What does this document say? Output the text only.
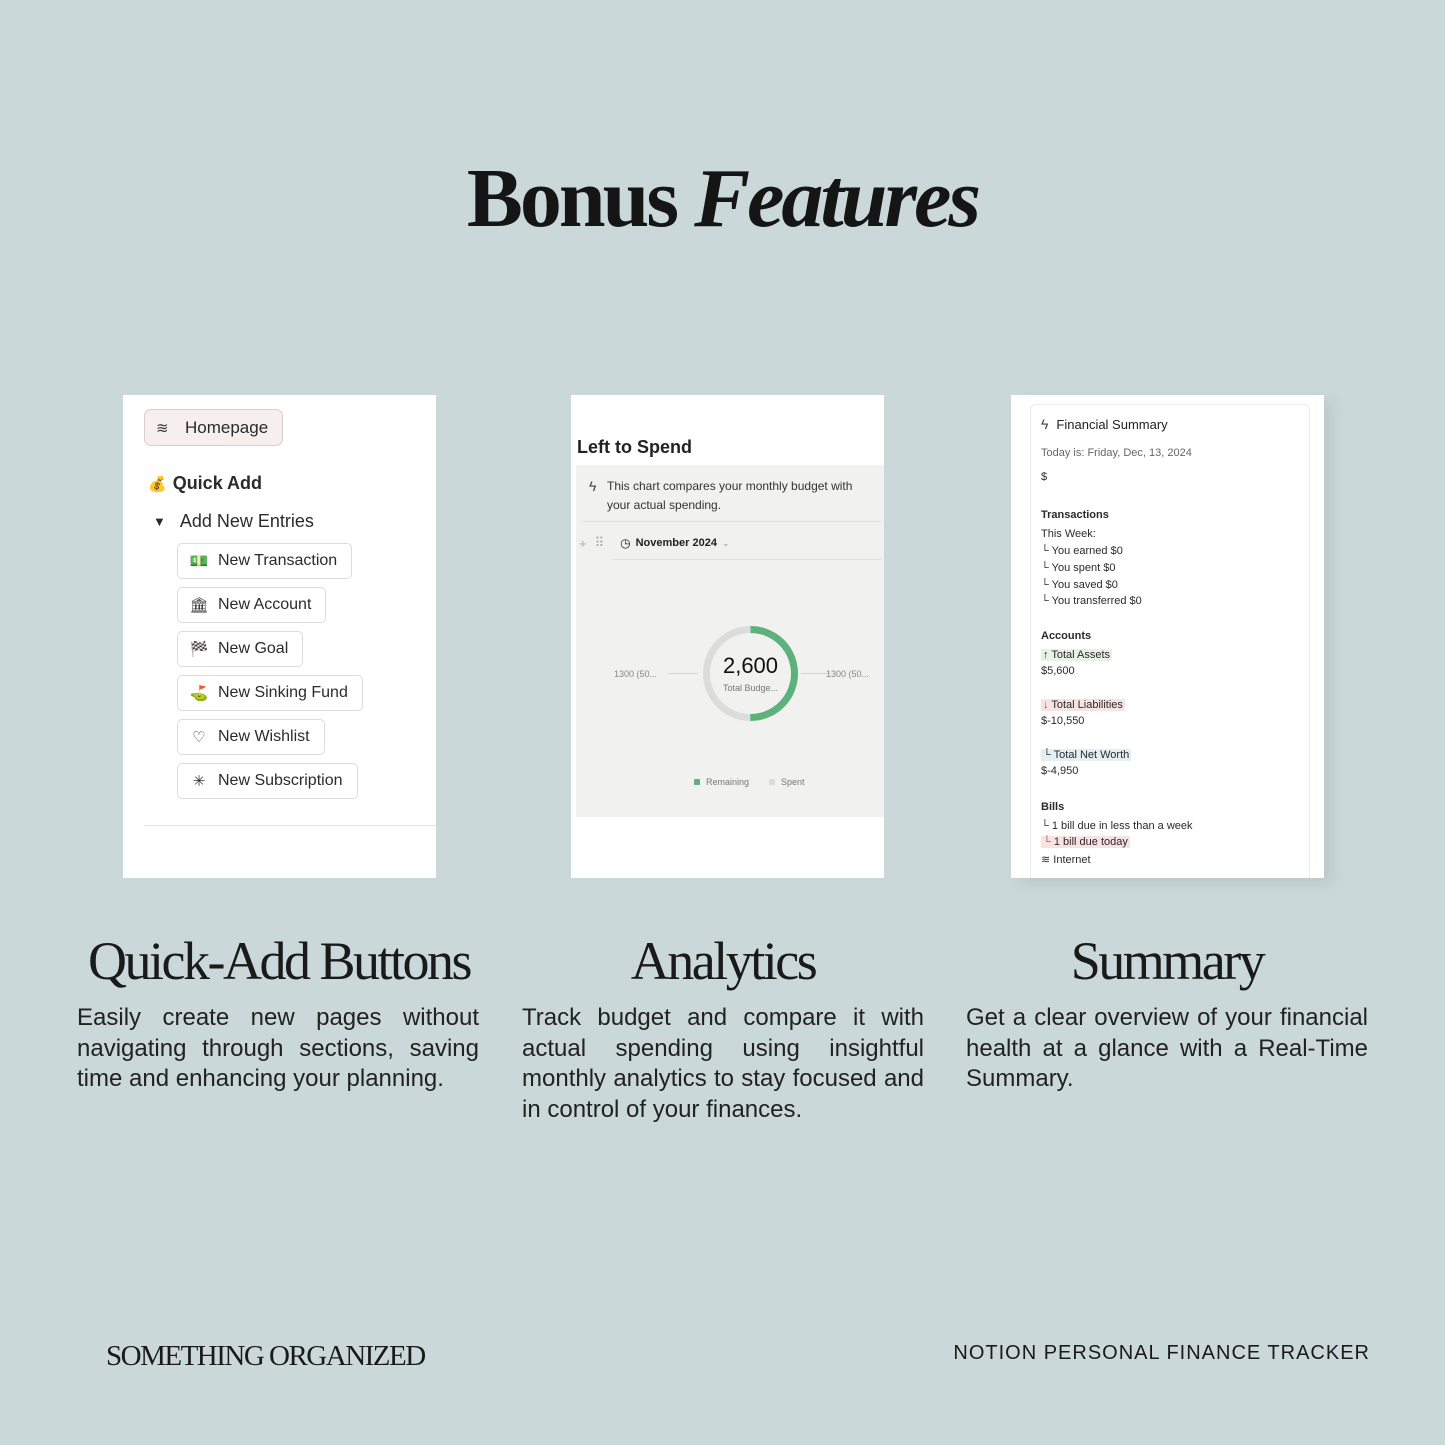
Bonus Features
≋ Homepage
💰 Quick Add
▼ Add New Entries
💵 New Transaction
🏛 New Account
🏁 New Goal
⛳ New Sinking Fund
♡ New Wishlist
✳ New Subscription
Left to Spend
ϟ This chart compares your monthly budget with your actual spending.
+ ⠿ ◷ November 2024 ⌄
1300 (50...	1300 (50...
2,600
Total Budge...
Remaining	Spent
ϟ Financial Summary
Today is: Friday, Dec, 13, 2024
$
Transactions
This Week:
└ You earned $0
└ You spent $0
└ You saved $0
└ You transferred $0
Accounts
↑ Total Assets
$5,600
↓ Total Liabilities
$-10,550
└ Total Net Worth
$-4,950
Bills
└ 1 bill due in less than a week
└ 1 bill due today
≋ Internet
Quick-Add Buttons
Easily create new pages without navigating through sections, saving time and enhancing your planning.
Analytics
Track budget and compare it with actual spending using insightful monthly analytics to stay focused and in control of your finances.
Summary
Get a clear overview of your financial health at a glance with a Real-Time Summary.
SOMETHING ORGANIZED	NOTION PERSONAL FINANCE TRACKER
